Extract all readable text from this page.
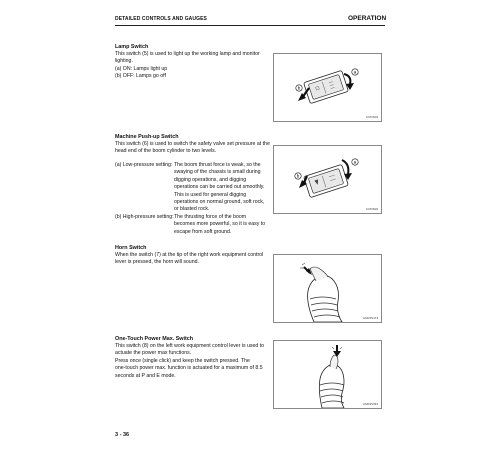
DETAILED CONTROLS AND GAUGES	OPERATION
Lamp Switch
This switch (5) is used to light up the working lamp and monitor
lighting.
(a) ON: Lamps light up
(b) OFF: Lamps go off
b
a
3-PDS09
Machine Push-up Switch
This switch (6) is used to switch the safety valve set pressure at the
head end of the boom cylinder to two levels.
(a) Low-pressure setting: The boom thrust force is weak, so the
swaying of the chassis is small during
digging operations, and digging
operations can be carried out smoothly.
This is used for general digging
operations on normal ground, soft rock,
or blasted rock.
(b) High-pressure setting: The thrusting force of the boom
becomes more powerful, so it is easy to
escape from soft ground.
b
a
3-PDS09
Horn Switch
When the switch (7) at the tip of the right work equipment control
lever is pressed, the horn will sound.
AM03S473
One-Touch Power Max. Switch
This switch (8) on the left work equipment control lever is used to
actuate the power max functions.
Press once (single click) and keep the switch pressed. The
one-touch power max. function is actuated for a maximum of 8.5
seconds at P and E mode.
AM03S393
3 - 36
